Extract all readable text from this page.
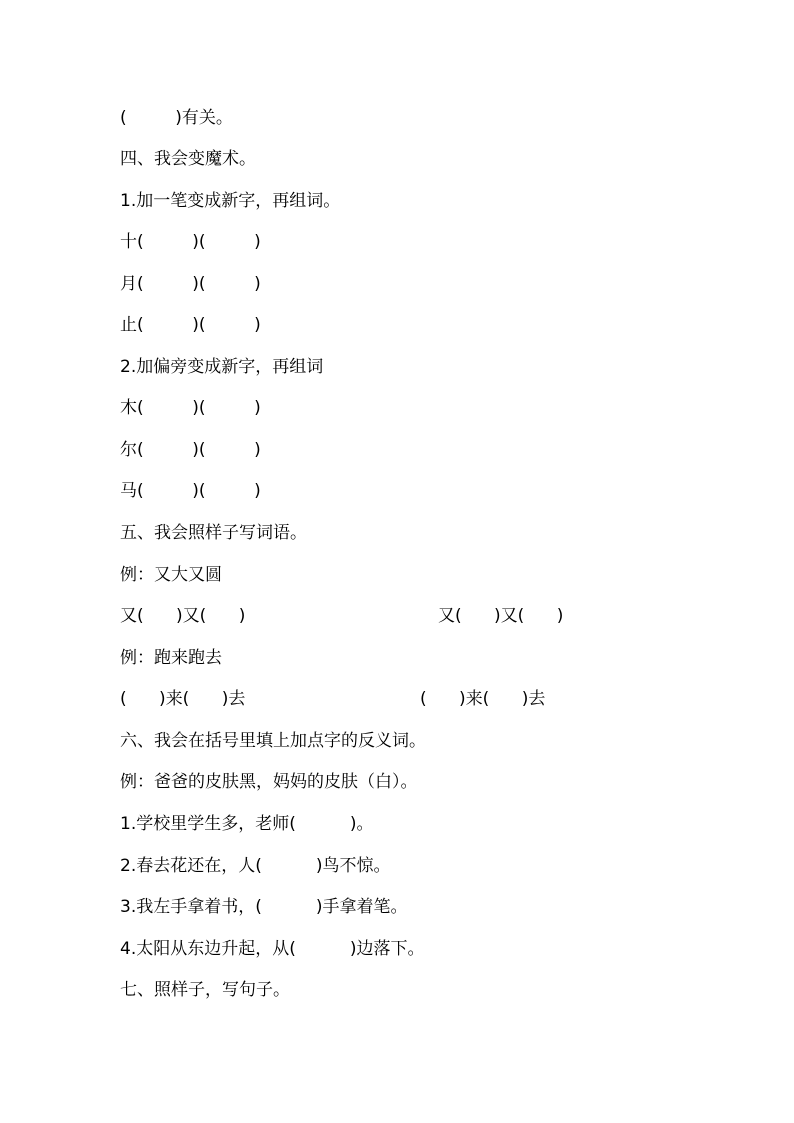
(         )有关。
四、我会变魔术。
1.加一笔变成新字，再组词。
十(         )(         )
月(         )(         )
止(         )(         )
2.加偏旁变成新字，再组词
木(         )(         )
尔(         )(         )
马(         )(         )
五、我会照样子写词语。
例：又大又圆

又(      )又(      )

	又(      )又(      )

例：跑来跑去

(      )来(      )去

	(      )来(      )去

六、我会在括号里填上加点字的反义词。
例：爸爸的皮肤黑，妈妈的皮肤（白）。
1.学校里学生多，老师(          )。
2.春去花还在，人(          )鸟不惊。
3.我左手拿着书，(          )手拿着笔。
4.太阳从东边升起，从(          )边落下。
七、照样子，写句子。
